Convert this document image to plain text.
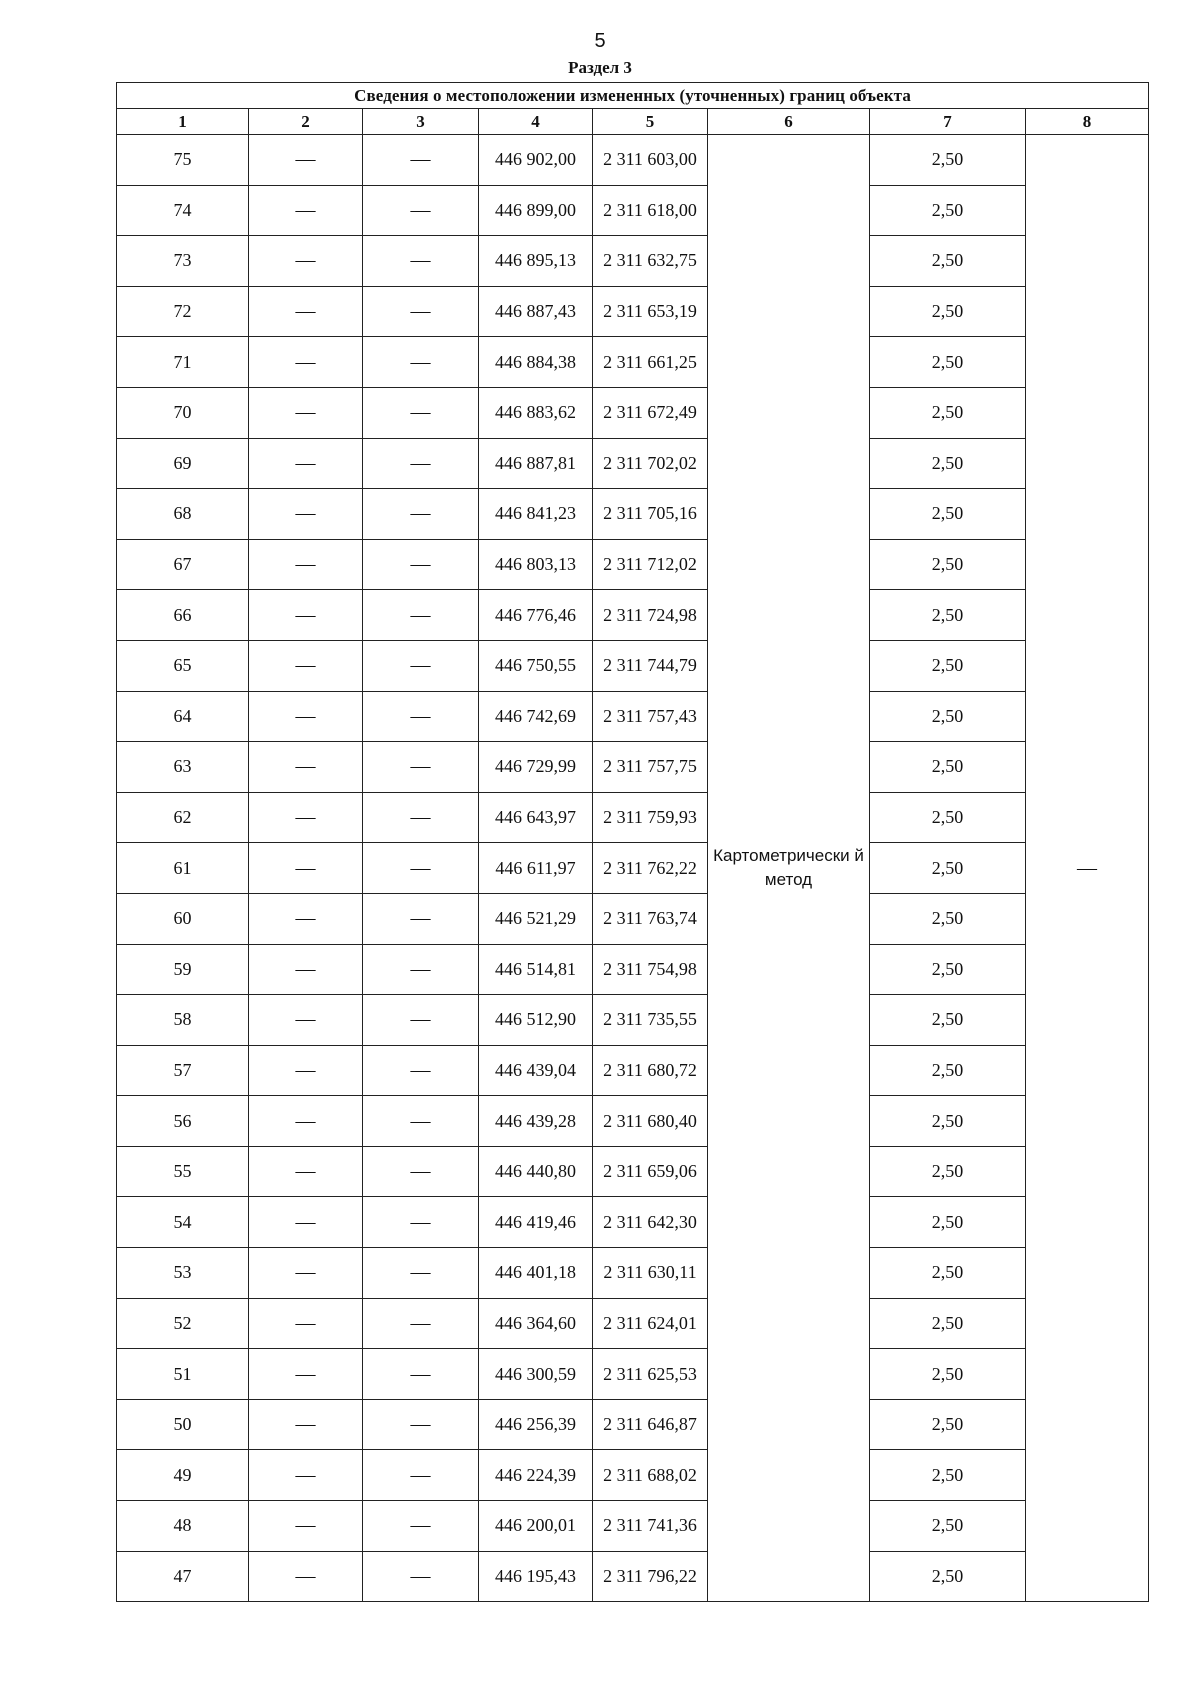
5
Раздел 3
Сведения о местоположении измененных (уточненных) границ объекта							
1	2	3	4	5	6	7	8
75	—	—	446 902,00	2 311 603,00	Картометрически й метод	2,50	—
74	—	—	446 899,00	2 311 618,00		2,50	
73	—	—	446 895,13	2 311 632,75		2,50	
72	—	—	446 887,43	2 311 653,19		2,50	
71	—	—	446 884,38	2 311 661,25		2,50	
70	—	—	446 883,62	2 311 672,49		2,50	
69	—	—	446 887,81	2 311 702,02		2,50	
68	—	—	446 841,23	2 311 705,16		2,50	
67	—	—	446 803,13	2 311 712,02		2,50	
66	—	—	446 776,46	2 311 724,98		2,50	
65	—	—	446 750,55	2 311 744,79		2,50	
64	—	—	446 742,69	2 311 757,43		2,50	
63	—	—	446 729,99	2 311 757,75		2,50	
62	—	—	446 643,97	2 311 759,93		2,50	
61	—	—	446 611,97	2 311 762,22		2,50	
60	—	—	446 521,29	2 311 763,74		2,50	
59	—	—	446 514,81	2 311 754,98		2,50	
58	—	—	446 512,90	2 311 735,55		2,50	
57	—	—	446 439,04	2 311 680,72		2,50	
56	—	—	446 439,28	2 311 680,40		2,50	
55	—	—	446 440,80	2 311 659,06		2,50	
54	—	—	446 419,46	2 311 642,30		2,50	
53	—	—	446 401,18	2 311 630,11		2,50	
52	—	—	446 364,60	2 311 624,01		2,50	
51	—	—	446 300,59	2 311 625,53		2,50	
50	—	—	446 256,39	2 311 646,87		2,50	
49	—	—	446 224,39	2 311 688,02		2,50	
48	—	—	446 200,01	2 311 741,36		2,50	
47	—	—	446 195,43	2 311 796,22		2,50	
